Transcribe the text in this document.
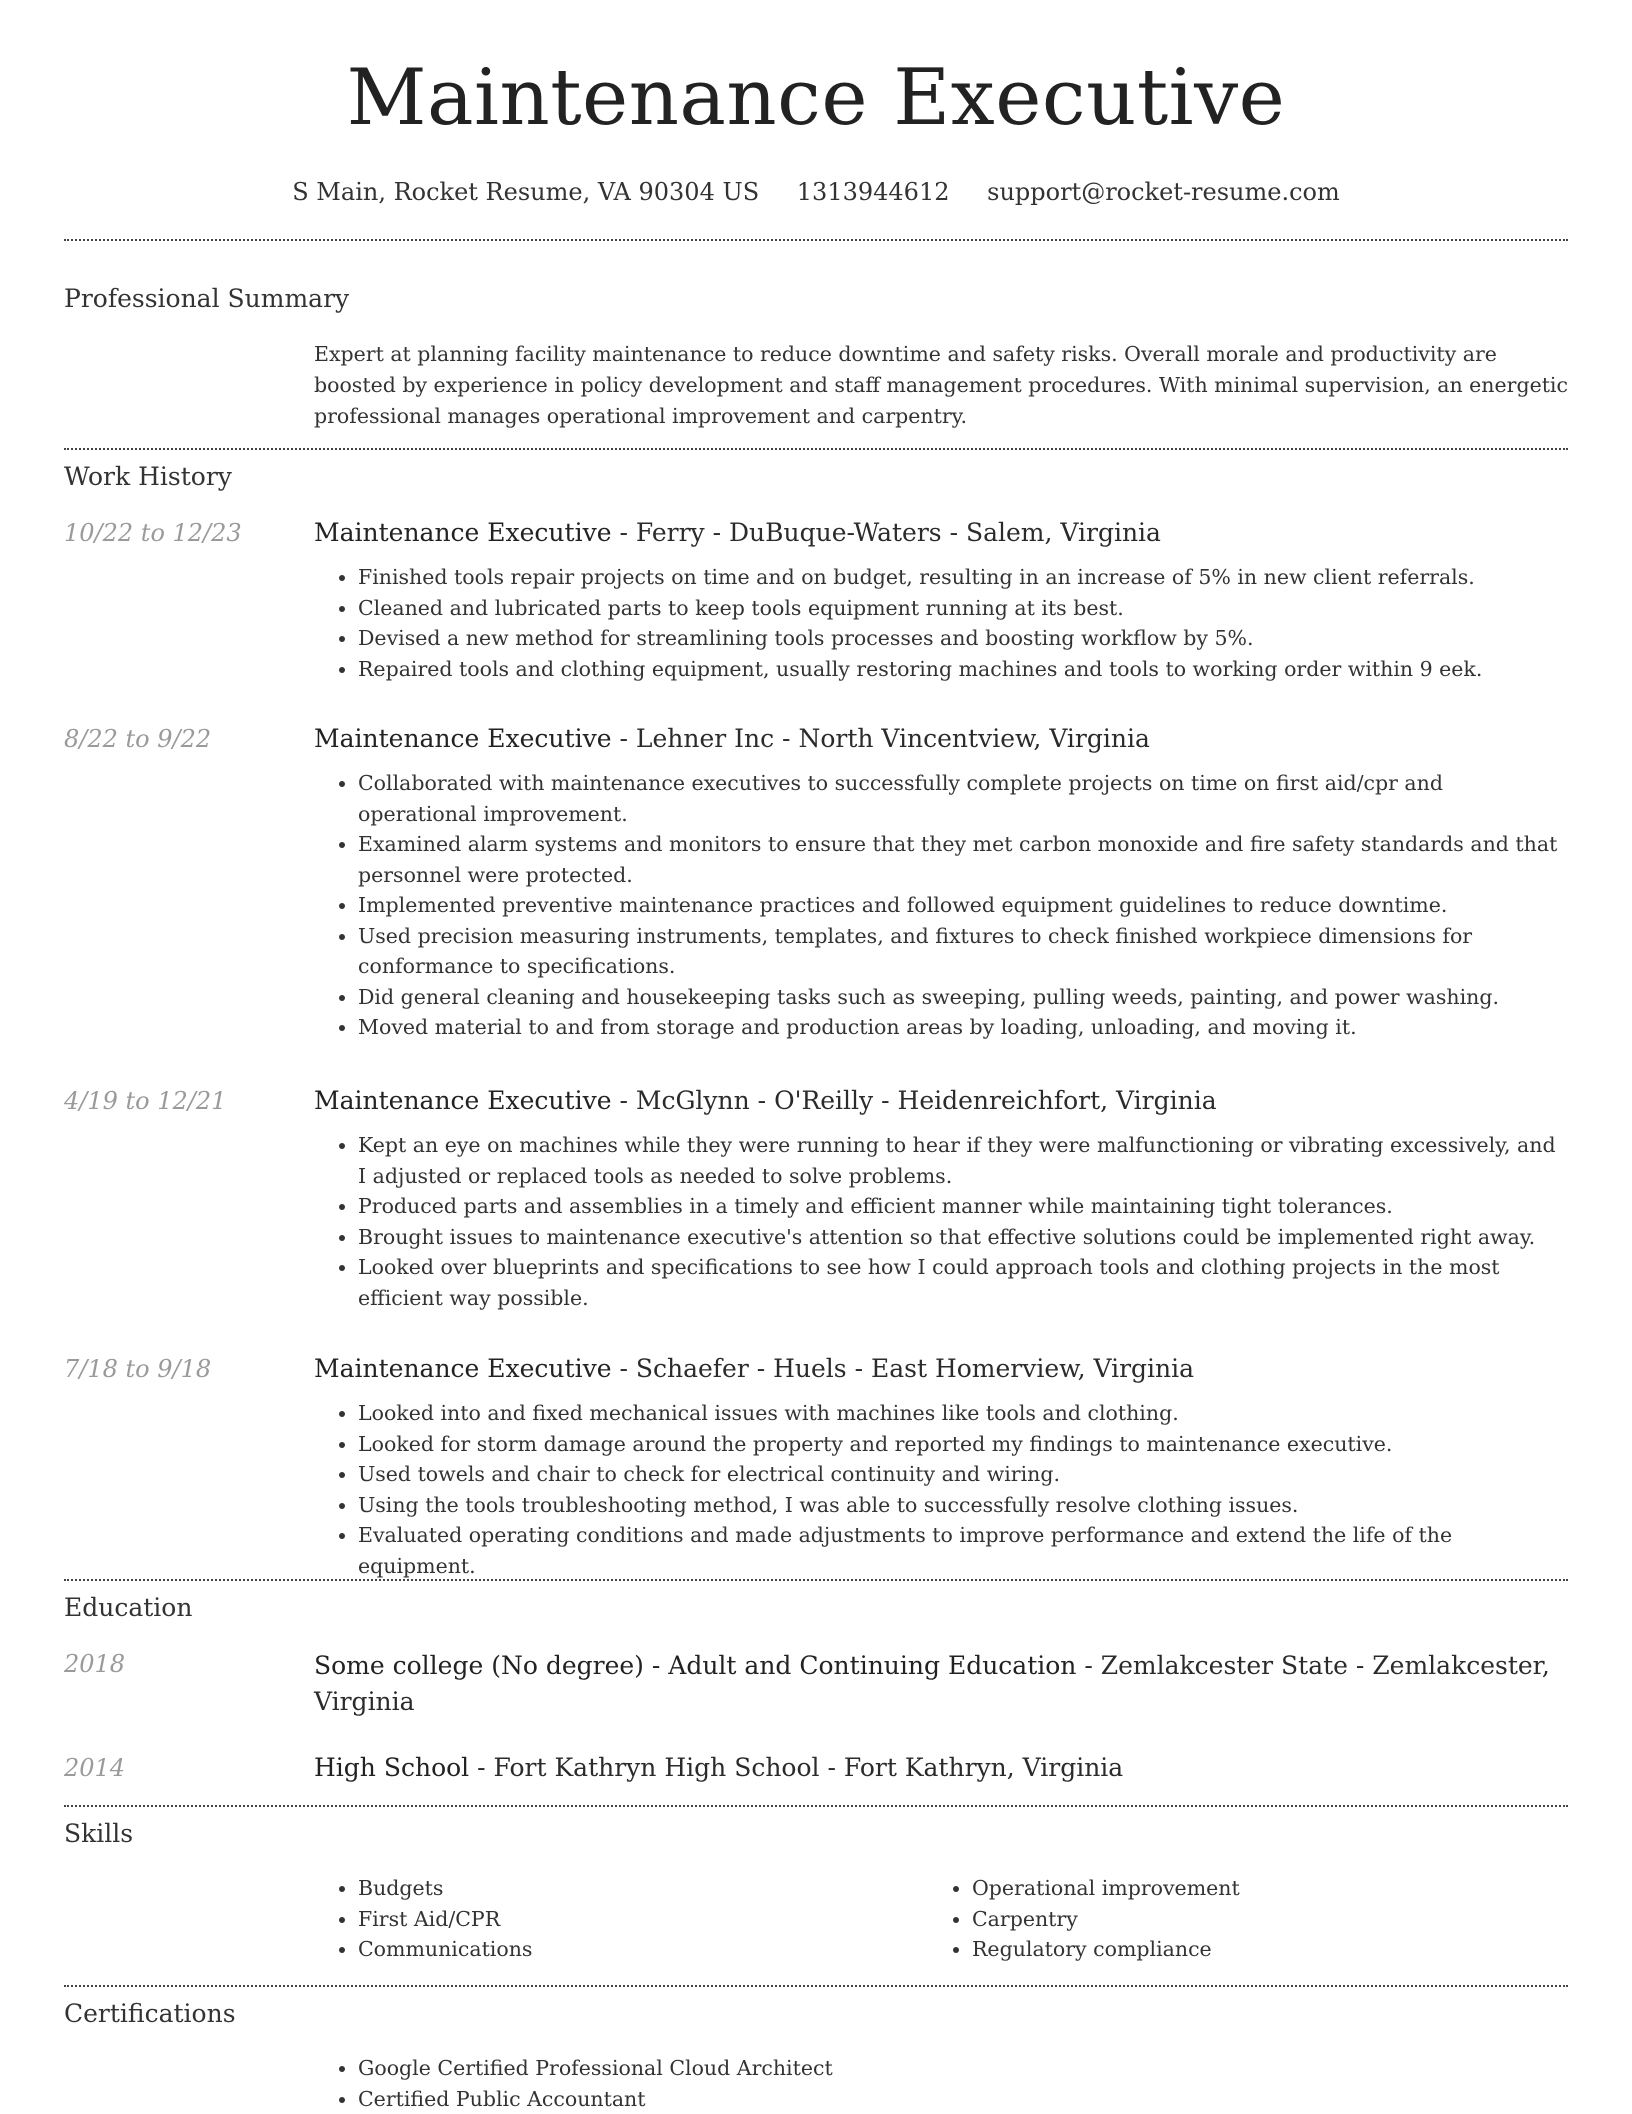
Maintenance Executive
S Main, Rocket Resume, VA 90304 US 1313944612 support@rocket-resume.com
Professional Summary
Expert at planning facility maintenance to reduce downtime and safety risks. Overall morale and productivity are boosted by experience in policy development and staff management procedures. With minimal supervision, an energetic professional manages operational improvement and carpentry.
Work History
10/22 to 12/23	Maintenance Executive - Ferry - DuBuque-Waters - Salem, Virginia
• Finished tools repair projects on time and on budget, resulting in an increase of 5% in new client referrals.
• Cleaned and lubricated parts to keep tools equipment running at its best.
• Devised a new method for streamlining tools processes and boosting workflow by 5%.
• Repaired tools and clothing equipment, usually restoring machines and tools to working order within 9 eek.
8/22 to 9/22	Maintenance Executive - Lehner Inc - North Vincentview, Virginia
• Collaborated with maintenance executives to successfully complete projects on time on first aid/cpr and operational improvement.
• Examined alarm systems and monitors to ensure that they met carbon monoxide and fire safety standards and that personnel were protected.
• Implemented preventive maintenance practices and followed equipment guidelines to reduce downtime.
• Used precision measuring instruments, templates, and fixtures to check finished workpiece dimensions for conformance to specifications.
• Did general cleaning and housekeeping tasks such as sweeping, pulling weeds, painting, and power washing.
• Moved material to and from storage and production areas by loading, unloading, and moving it.
4/19 to 12/21	Maintenance Executive - McGlynn - O'Reilly - Heidenreichfort, Virginia
• Kept an eye on machines while they were running to hear if they were malfunctioning or vibrating excessively, and I adjusted or replaced tools as needed to solve problems.
• Produced parts and assemblies in a timely and efficient manner while maintaining tight tolerances.
• Brought issues to maintenance executive's attention so that effective solutions could be implemented right away.
• Looked over blueprints and specifications to see how I could approach tools and clothing projects in the most efficient way possible.
7/18 to 9/18	Maintenance Executive - Schaefer - Huels - East Homerview, Virginia
• Looked into and fixed mechanical issues with machines like tools and clothing.
• Looked for storm damage around the property and reported my findings to maintenance executive.
• Used towels and chair to check for electrical continuity and wiring.
• Using the tools troubleshooting method, I was able to successfully resolve clothing issues.
• Evaluated operating conditions and made adjustments to improve performance and extend the life of the equipment.
Education
2018	Some college (No degree) - Adult and Continuing Education - Zemlakcester State - Zemlakcester, Virginia
2014	High School - Fort Kathryn High School - Fort Kathryn, Virginia
Skills
• Budgets
• First Aid/CPR
• Communications
• Operational improvement
• Carpentry
• Regulatory compliance
Certifications
• Google Certified Professional Cloud Architect
• Certified Public Accountant
